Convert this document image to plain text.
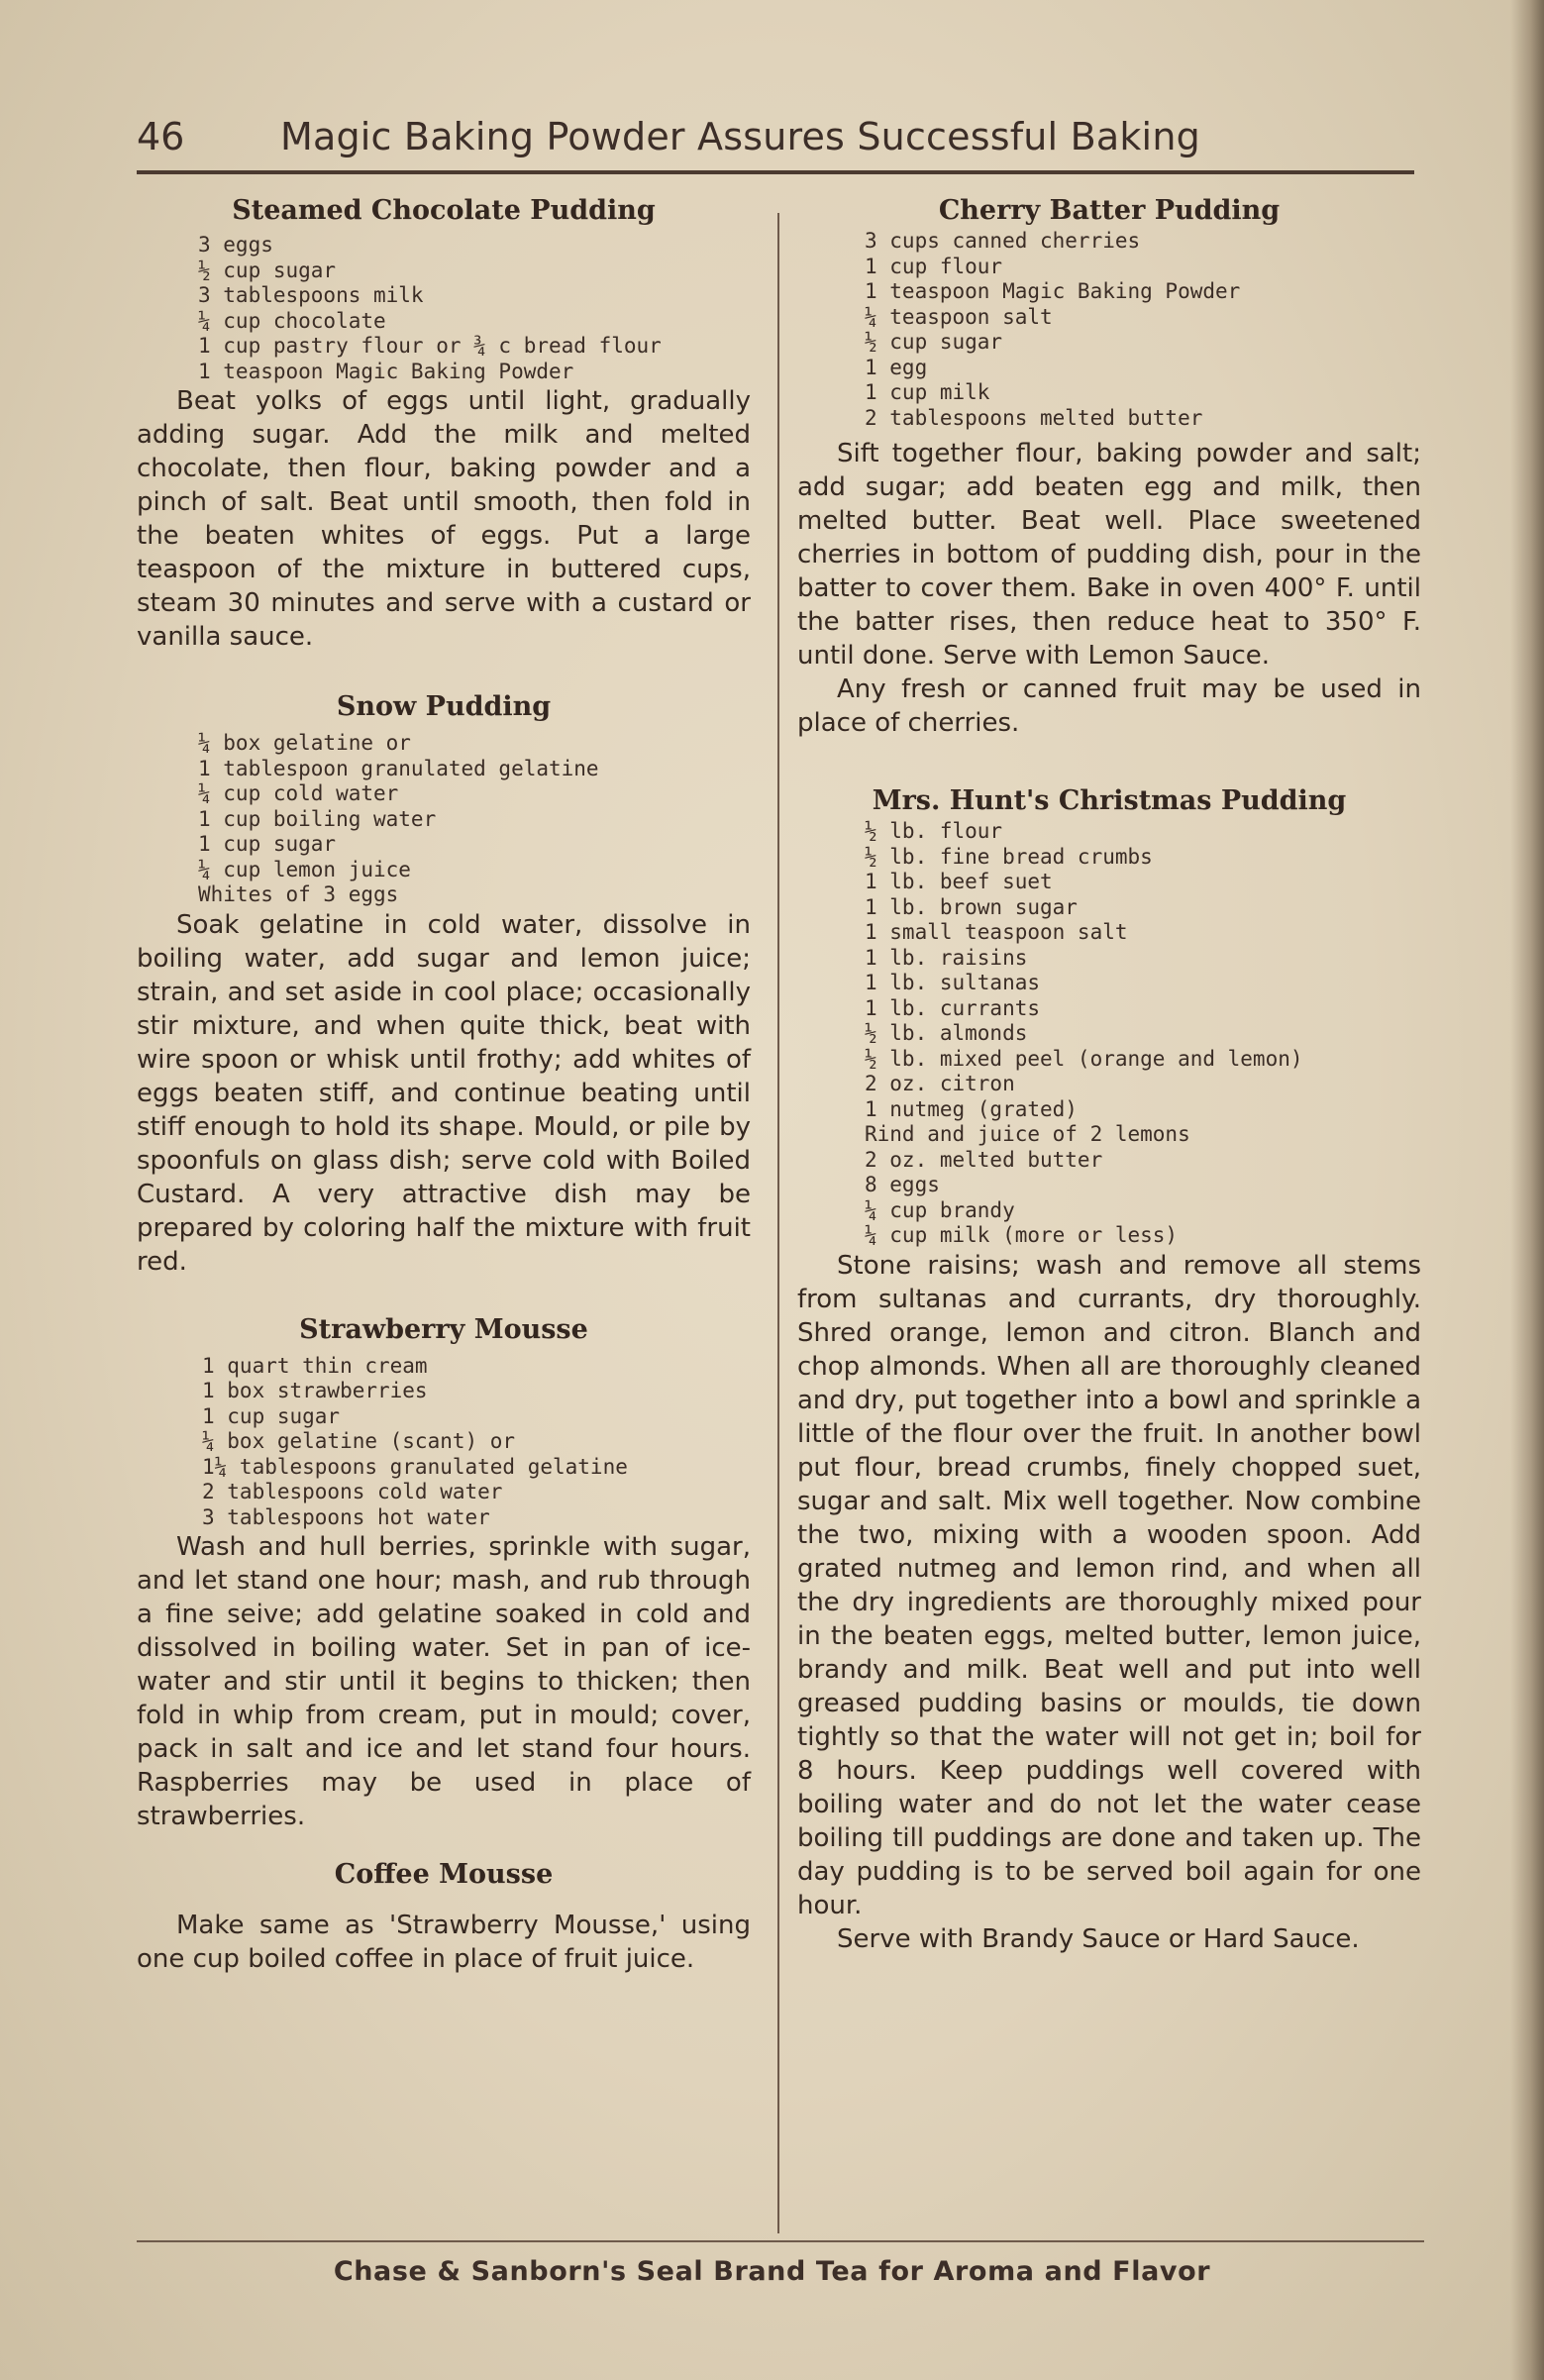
46	Magic Baking Powder Assures Successful Baking
Steamed Chocolate Pudding
3 eggs
½ cup sugar
3 tablespoons milk
¼ cup chocolate
1 cup pastry flour or ¾ c bread flour
1 teaspoon Magic Baking Powder

Beat yolks of eggs until light, gradually adding sugar. Add the milk and melted chocolate, then flour, baking powder and a pinch of salt. Beat until smooth, then fold in the beaten whites of eggs. Put a large teaspoon of the mixture in buttered cups, steam 30 minutes and serve with a custard or vanilla sauce.

Snow Pudding
¼ box gelatine or
1 tablespoon granulated gelatine
¼ cup cold water
1 cup boiling water
1 cup sugar
¼ cup lemon juice
Whites of 3 eggs

Soak gelatine in cold water, dissolve in boiling water, add sugar and lemon juice; strain, and set aside in cool place; occasionally stir mixture, and when quite thick, beat with wire spoon or whisk until frothy; add whites of eggs beaten stiff, and continue beating until stiff enough to hold its shape. Mould, or pile by spoonfuls on glass dish; serve cold with Boiled Custard. A very attractive dish may be prepared by coloring half the mixture with fruit red.

Strawberry Mousse
1 quart thin cream
1 box strawberries
1 cup sugar
¼ box gelatine (scant) or
1¼ tablespoons granulated gelatine
2 tablespoons cold water
3 tablespoons hot water

Wash and hull berries, sprinkle with sugar, and let stand one hour; mash, and rub through a fine seive; add gelatine soaked in cold and dissolved in boiling water. Set in pan of ice-water and stir until it begins to thicken; then fold in whip from cream, put in mould; cover, pack in salt and ice and let stand four hours. Raspberries may be used in place of strawberries.

Coffee Mousse

Make same as 'Strawberry Mousse,' using one cup boiled coffee in place of fruit juice.

Cherry Batter Pudding
3 cups canned cherries
1 cup flour
1 teaspoon Magic Baking Powder
¼ teaspoon salt
½ cup sugar
1 egg
1 cup milk
2 tablespoons melted butter

Sift together flour, baking powder and salt; add sugar; add beaten egg and milk, then melted butter. Beat well. Place sweetened cherries in bottom of pudding dish, pour in the batter to cover them. Bake in oven 400° F. until the batter rises, then reduce heat to 350° F. until done. Serve with Lemon Sauce.

Any fresh or canned fruit may be used in place of cherries.

Mrs. Hunt's Christmas Pudding
½ lb. flour
½ lb. fine bread crumbs
1 lb. beef suet
1 lb. brown sugar
1 small teaspoon salt
1 lb. raisins
1 lb. sultanas
1 lb. currants
½ lb. almonds
½ lb. mixed peel (orange and lemon)
2 oz. citron
1 nutmeg (grated)
Rind and juice of 2 lemons
2 oz. melted butter
8 eggs
¼ cup brandy
¼ cup milk (more or less)

Stone raisins; wash and remove all stems from sultanas and currants, dry thoroughly. Shred orange, lemon and citron. Blanch and chop almonds. When all are thoroughly cleaned and dry, put together into a bowl and sprinkle a little of the flour over the fruit. In another bowl put flour, bread crumbs, finely chopped suet, sugar and salt. Mix well together. Now combine the two, mixing with a wooden spoon. Add grated nutmeg and lemon rind, and when all the dry ingredients are thoroughly mixed pour in the beaten eggs, melted butter, lemon juice, brandy and milk. Beat well and put into well greased pudding basins or moulds, tie down tightly so that the water will not get in; boil for 8 hours. Keep puddings well covered with boiling water and do not let the water cease boiling till puddings are done and taken up. The day pudding is to be served boil again for one hour.

Serve with Brandy Sauce or Hard Sauce.

Chase & Sanborn's Seal Brand Tea for Aroma and Flavor
